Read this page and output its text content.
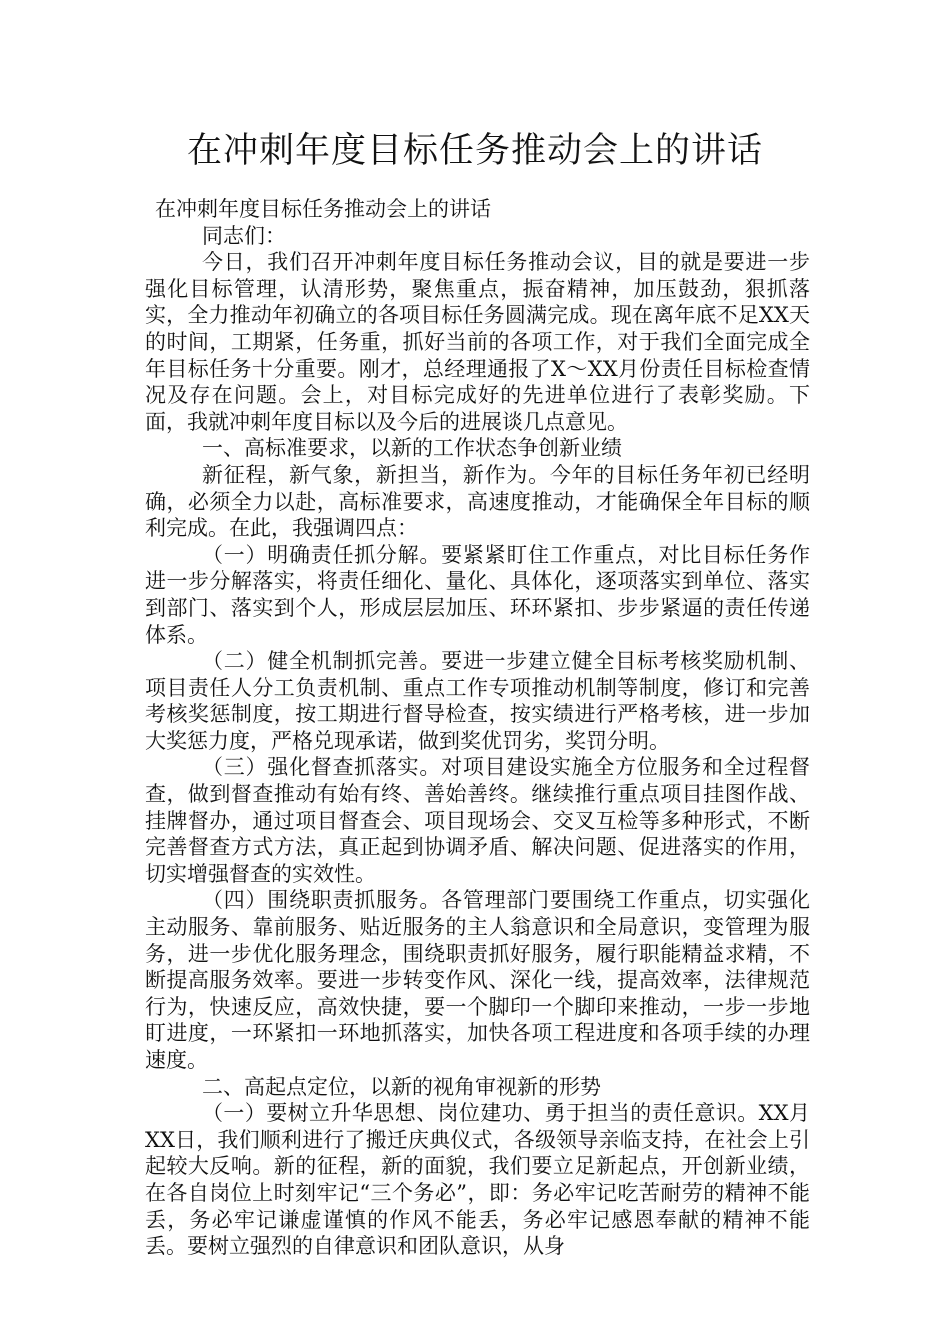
在冲刺年度目标任务推动会上的讲话

在冲刺年度目标任务推动会上的讲话

同志们：

今日，我们召开冲刺年度目标任务推动会议，目的就是要进一步强化目标管理，认清形势，聚焦重点，振奋精神，加压鼓劲，狠抓落实，全力推动年初确立的各项目标任务圆满完成。现在离年底不足XX天的时间，工期紧，任务重，抓好当前的各项工作，对于我们全面完成全年目标任务十分重要。刚才，总经理通报了X～XX月份责任目标检查情况及存在问题。会上，对目标完成好的先进单位进行了表彰奖励。下面，我就冲刺年度目标以及今后的进展谈几点意见。

一、高标准要求，以新的工作状态争创新业绩

新征程，新气象，新担当，新作为。今年的目标任务年初已经明确，必须全力以赴，高标准要求，高速度推动，才能确保全年目标的顺利完成。在此，我强调四点：

（一）明确责任抓分解。要紧紧盯住工作重点，对比目标任务作进一步分解落实，将责任细化、量化、具体化，逐项落实到单位、落实到部门、落实到个人，形成层层加压、环环紧扣、步步紧逼的责任传递体系。

（二）健全机制抓完善。要进一步建立健全目标考核奖励机制、项目责任人分工负责机制、重点工作专项推动机制等制度，修订和完善考核奖惩制度，按工期进行督导检查，按实绩进行严格考核，进一步加大奖惩力度，严格兑现承诺，做到奖优罚劣，奖罚分明。

（三）强化督查抓落实。对项目建设实施全方位服务和全过程督查，做到督查推动有始有终、善始善终。继续推行重点项目挂图作战、挂牌督办，通过项目督查会、项目现场会、交叉互检等多种形式，不断完善督查方式方法，真正起到协调矛盾、解决问题、促进落实的作用，切实增强督查的实效性。

（四）围绕职责抓服务。各管理部门要围绕工作重点，切实强化主动服务、靠前服务、贴近服务的主人翁意识和全局意识，变管理为服务，进一步优化服务理念，围绕职责抓好服务，履行职能精益求精，不断提高服务效率。要进一步转变作风、深化一线，提高效率，法律规范行为，快速反应，高效快捷，要一个脚印一个脚印来推动，一步一步地盯进度，一环紧扣一环地抓落实，加快各项工程进度和各项手续的办理速度。

二、高起点定位，以新的视角审视新的形势

（一）要树立升华思想、岗位建功、勇于担当的责任意识。XX月XX日，我们顺利进行了搬迁庆典仪式，各级领导亲临支持，在社会上引起较大反响。新的征程，新的面貌，我们要立足新起点，开创新业绩，在各自岗位上时刻牢记“三个务必”，即：务必牢记吃苦耐劳的精神不能丢，务必牢记谦虚谨慎的作风不能丢，务必牢记感恩奉献的精神不能丢。要树立强烈的自律意识和团队意识，从身
